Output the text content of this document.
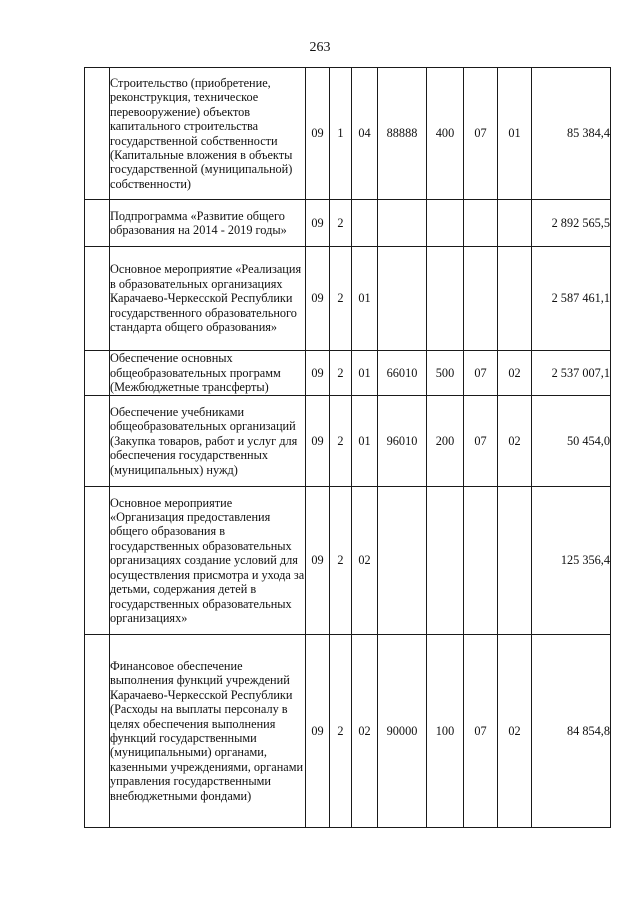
263
	Строительство (приобретение, реконструкция, техническое перевооружение) объектов капитального строительства государственной собственности (Капитальные вложения в объекты государственной (муниципальной) собственности)	09	1	04	88888	400	07	01	85 384,4
	Подпрограмма «Развитие общего образования на 2014 - 2019 годы»	09	2						2 892 565,5
	Основное мероприятие «Реализация в образовательных организациях Карачаево-Черкесской Республики государственного образовательного стандарта общего образования»	09	2	01					2 587 461,1
	Обеспечение основных общеобразовательных программ (Межбюджетные трансферты)	09	2	01	66010	500	07	02	2 537 007,1
	Обеспечение учебниками общеобразовательных организаций (Закупка товаров, работ и услуг для обеспечения государственных (муниципальных) нужд)	09	2	01	96010	200	07	02	50 454,0
	Основное мероприятие «Организация предоставления общего образования в государственных образовательных организациях создание условий для осуществления присмотра и ухода за детьми, содержания детей в государственных образовательных организациях»	09	2	02					125 356,4
	Финансовое обеспечение выполнения функций учреждений Карачаево-Черкесской Республики (Расходы на выплаты персоналу в целях обеспечения выполнения функций государственными (муниципальными) органами, казенными учреждениями, органами управления государственными внебюджетными фондами)	09	2	02	90000	100	07	02	84 854,8
